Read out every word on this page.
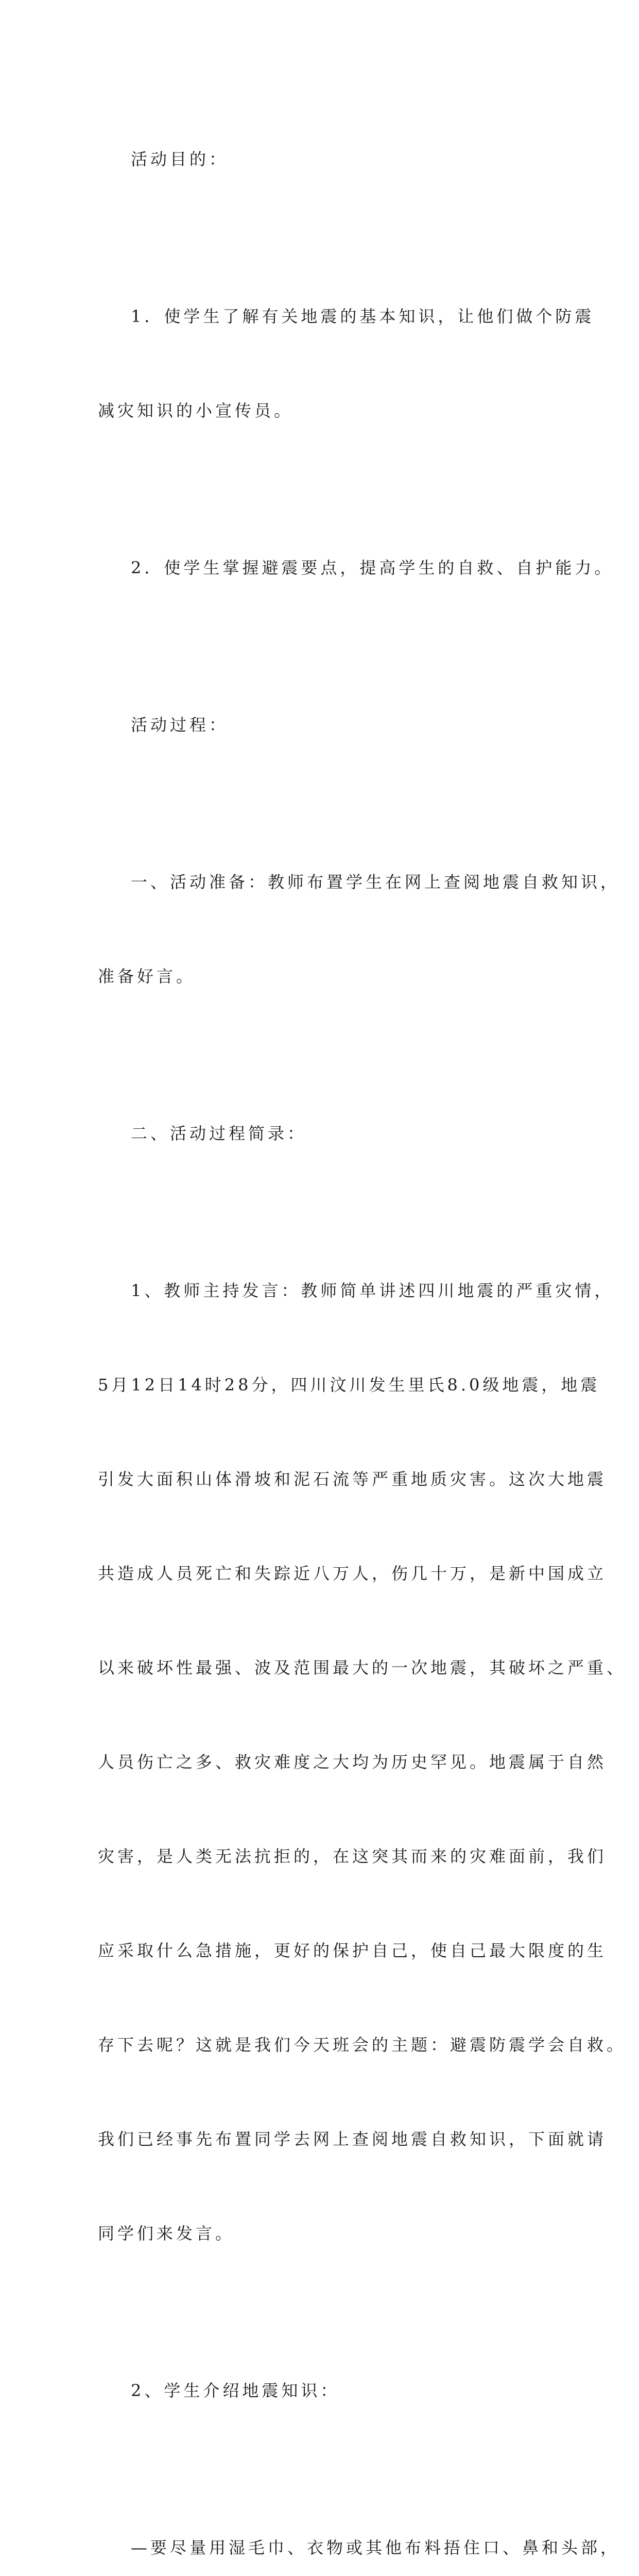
活动目的：

1．使学生了解有关地震的基本知识，让他们做个防震

减灾知识的小宣传员。

2．使学生掌握避震要点，提高学生的自救、自护能力。

活动过程：

一、活动准备：教师布置学生在网上查阅地震自救知识，

准备好言。

二、活动过程简录：

1、教师主持发言：教师简单讲述四川地震的严重灾情，

5月12日14时28分，四川汶川发生里氏8.0级地震，地震

引发大面积山体滑坡和泥石流等严重地质灾害。这次大地震

共造成人员死亡和失踪近八万人，伤几十万，是新中国成立

以来破坏性最强、波及范围最大的一次地震，其破坏之严重、

人员伤亡之多、救灾难度之大均为历史罕见。地震属于自然

灾害，是人类无法抗拒的，在这突其而来的灾难面前，我们

应采取什么急措施，更好的保护自己，使自己最大限度的生

存下去呢？这就是我们今天班会的主题：避震防震学会自救。

我们已经事先布置同学去网上查阅地震自救知识，下面就请

同学们来发言。

2、学生介绍地震知识：

—要尽量用湿毛巾、衣物或其他布料捂住口、鼻和头部，
